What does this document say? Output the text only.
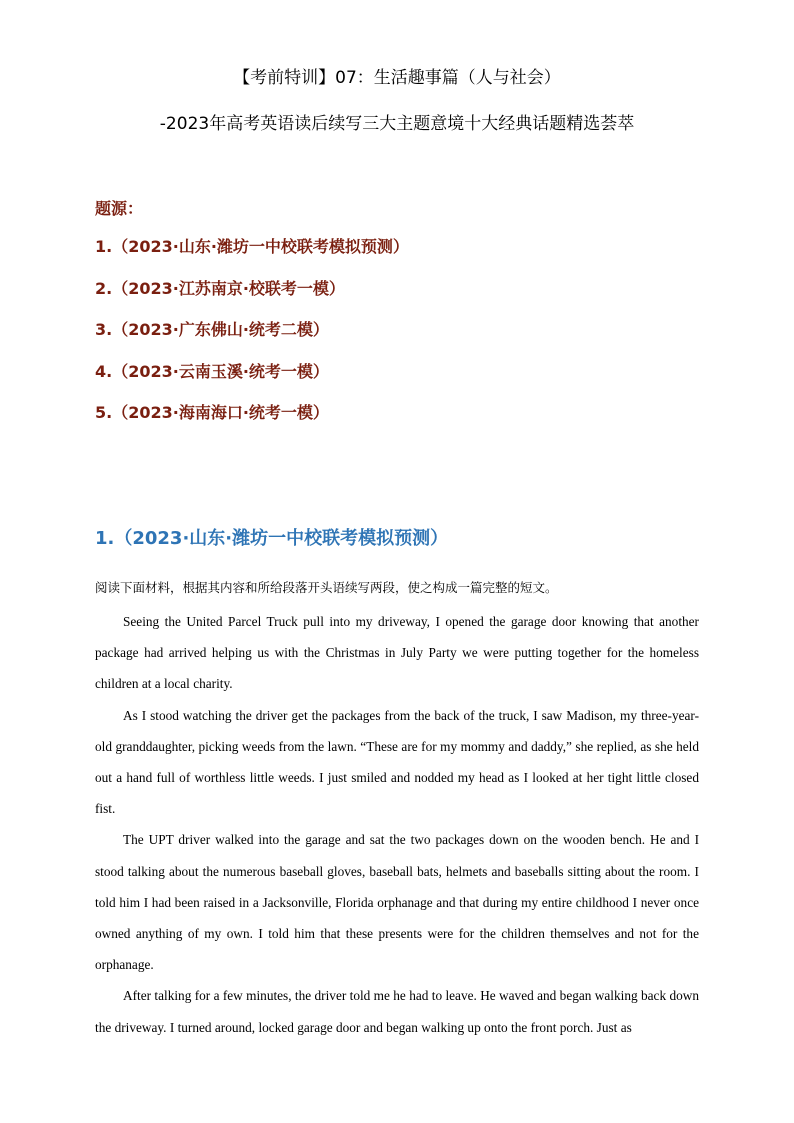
【考前特训】07：生活趣事篇（人与社会）
-2023年高考英语读后续写三大主题意境十大经典话题精选荟萃
题源：
1.（2023·山东·潍坊一中校联考模拟预测）
2.（2023·江苏南京·校联考一模）
3.（2023·广东佛山·统考二模）
4.（2023·云南玉溪·统考一模）
5.（2023·海南海口·统考一模）
1.（2023·山东·潍坊一中校联考模拟预测）
阅读下面材料，根据其内容和所给段落开头语续写两段，使之构成一篇完整的短文。

Seeing the United Parcel Truck pull into my driveway, I opened the garage door knowing that another package had arrived helping us with the Christmas in July Party we were putting together for the homeless children at a local charity.

As I stood watching the driver get the packages from the back of the truck, I saw Madison, my three-year-old granddaughter, picking weeds from the lawn. “These are for my mommy and daddy,” she replied, as she held out a hand full of worthless little weeds. I just smiled and nodded my head as I looked at her tight little closed fist.

The UPT driver walked into the garage and sat the two packages down on the wooden bench. He and I stood talking about the numerous baseball gloves, baseball bats, helmets and baseballs sitting about the room. I told him I had been raised in a Jacksonville, Florida orphanage and that during my entire childhood I never once owned anything of my own. I told him that these presents were for the children themselves and not for the orphanage.

After talking for a few minutes, the driver told me he had to leave. He waved and began walking back down the driveway. I turned around, locked garage door and began walking up onto the front porch. Just as
